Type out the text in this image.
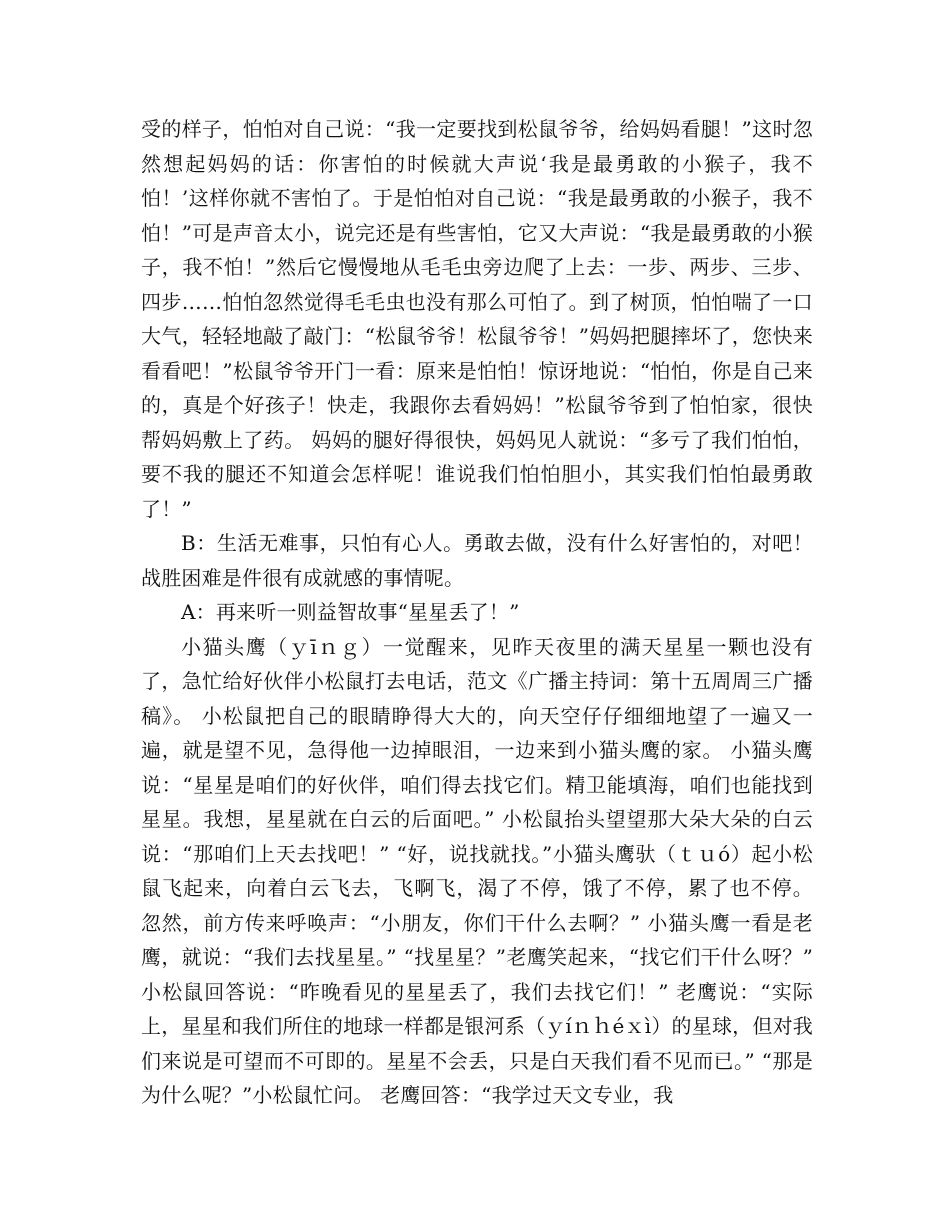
受的样子，怕怕对自己说：“我一定要找到松鼠爷爷，给妈妈看腿！”这时忽然想起妈妈的话：你害怕的时候就大声说‘我是最勇敢的小猴子，我不怕！’这样你就不害怕了。于是怕怕对自己说：“我是最勇敢的小猴子，我不怕！”可是声音太小，说完还是有些害怕，它又大声说：“我是最勇敢的小猴子，我不怕！”然后它慢慢地从毛毛虫旁边爬了上去：一步、两步、三步、四步……怕怕忽然觉得毛毛虫也没有那么可怕了。到了树顶，怕怕喘了一口大气，轻轻地敲了敲门：“松鼠爷爷！松鼠爷爷！”妈妈把腿摔坏了，您快来看看吧！”松鼠爷爷开门一看：原来是怕怕！惊讶地说：“怕怕，你是自己来的，真是个好孩子！快走，我跟你去看妈妈！”松鼠爷爷到了怕怕家，很快帮妈妈敷上了药。 妈妈的腿好得很快，妈妈见人就说：“多亏了我们怕怕，要不我的腿还不知道会怎样呢！谁说我们怕怕胆小，其实我们怕怕最勇敢了！”

B：生活无难事，只怕有心人。勇敢去做，没有什么好害怕的，对吧！战胜困难是件很有成就感的事情呢。

A：再来听一则益智故事“星星丢了！”

小猫头鹰（ｙīｎｇ）一觉醒来，见昨天夜里的满天星星一颗也没有了，急忙给好伙伴小松鼠打去电话，范文《广播主持词：第十五周周三广播稿》。 小松鼠把自己的眼睛睁得大大的，向天空仔仔细细地望了一遍又一遍，就是望不见，急得他一边掉眼泪，一边来到小猫头鹰的家。 小猫头鹰说：“星星是咱们的好伙伴，咱们得去找它们。精卫能填海，咱们也能找到星星。我想，星星就在白云的后面吧。” 小松鼠抬头望望那大朵大朵的白云说：“那咱们上天去找吧！” “好，说找就找。”小猫头鹰驮（ｔｕó）起小松鼠飞起来，向着白云飞去，飞啊飞，渴了不停，饿了不停，累了也不停。 忽然，前方传来呼唤声：“小朋友，你们干什么去啊？” 小猫头鹰一看是老鹰，就说：“我们去找星星。” “找星星？”老鹰笑起来，“找它们干什么呀？” 小松鼠回答说：“昨晚看见的星星丢了，我们去找它们！” 老鹰说：“实际上，星星和我们所住的地球一样都是银河系（ｙíｎｈéｘì）的星球，但对我们来说是可望而不可即的。星星不会丢，只是白天我们看不见而已。” “那是为什么呢？”小松鼠忙问。 老鹰回答：“我学过天文专业，我
